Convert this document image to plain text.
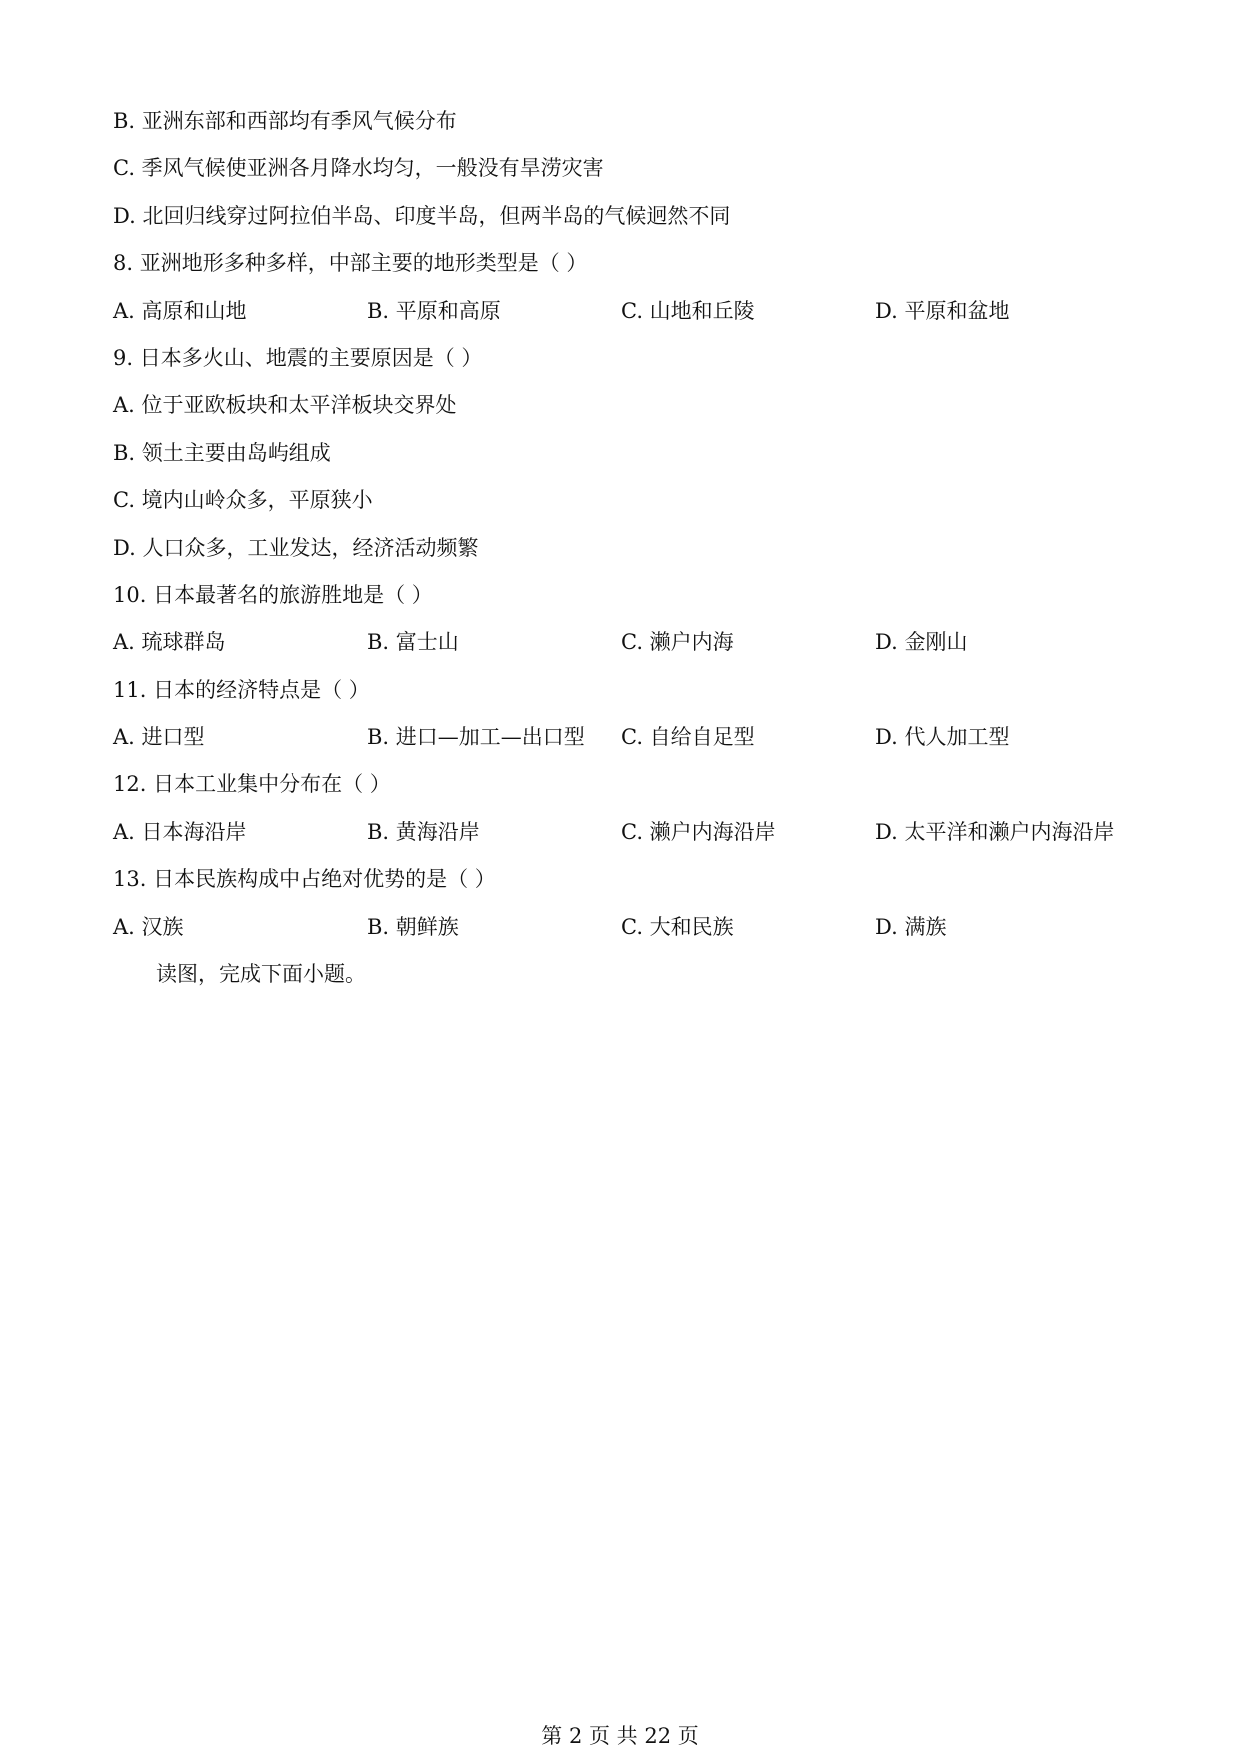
B. 亚洲东部和西部均有季风气候分布
C. 季风气候使亚洲各月降水均匀，一般没有旱涝灾害
D. 北回归线穿过阿拉伯半岛、印度半岛，但两半岛的气候迥然不同
8. 亚洲地形多种多样，中部主要的地形类型是（ ）
A. 高原和山地	B. 平原和高原	C. 山地和丘陵	D. 平原和盆地
9. 日本多火山、地震的主要原因是（ ）
A. 位于亚欧板块和太平洋板块交界处
B. 领土主要由岛屿组成
C. 境内山岭众多，平原狭小
D. 人口众多，工业发达，经济活动频繁
10. 日本最著名的旅游胜地是（ ）
A. 琉球群岛	B. 富士山	C. 濑户内海	D. 金刚山
11. 日本的经济特点是（ ）
A. 进口型	B. 进口—加工—出口型	C. 自给自足型	D. 代人加工型
12. 日本工业集中分布在（ ）
A. 日本海沿岸	B. 黄海沿岸	C. 濑户内海沿岸	D. 太平洋和濑户内海沿岸
13. 日本民族构成中占绝对优势的是（ ）
A. 汉族	B. 朝鲜族	C. 大和民族	D. 满族
读图，完成下面小题。
第 2 页 共 22 页
